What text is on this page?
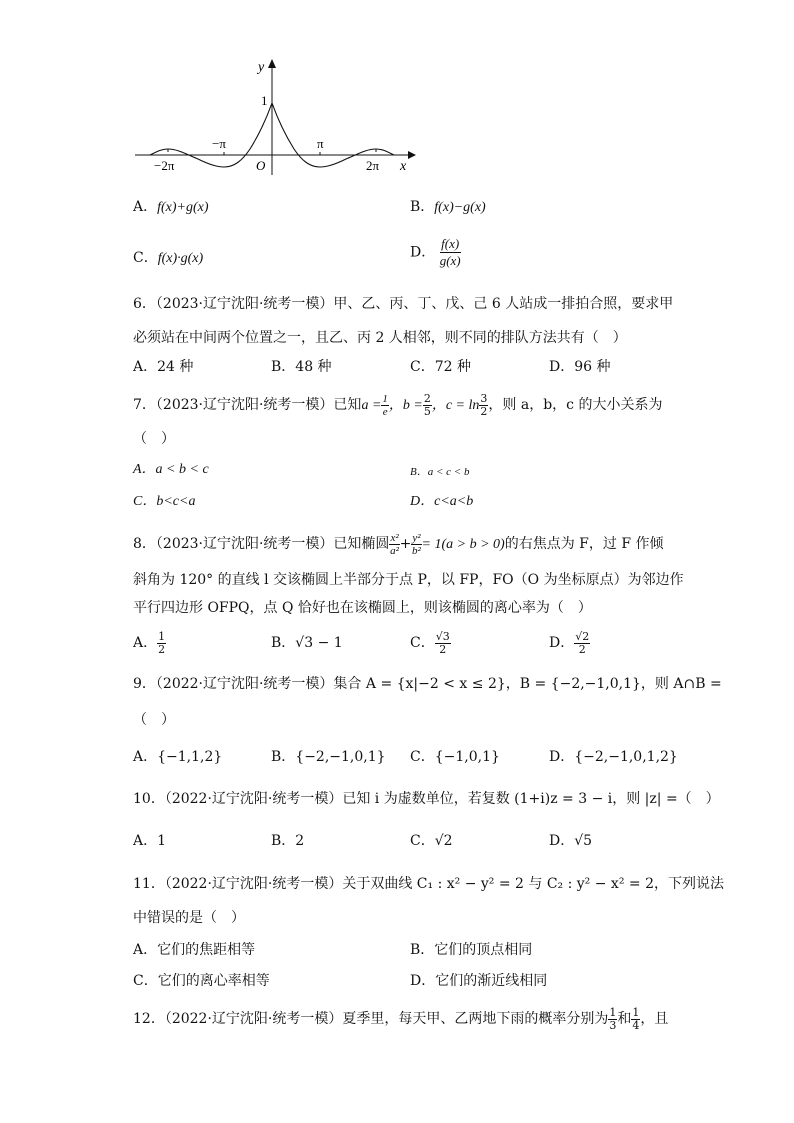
y
x
O
1
−π	π
−2π	2π
A．f(x)+g(x)	B．f(x)−g(x)
C．f(x)·g(x)	D． $\frac{f(x)}{g(x)}$
6．（2023·辽宁沈阳·统考一模）甲、乙、丙、丁、戊、己 6 人站成一排拍合照，要求甲
必须站在中间两个位置之一，且乙、丙 2 人相邻，则不同的排队方法共有（　）
A．24 种	B．48 种	C．72 种	D．96 种
7．（2023·辽宁沈阳·统考一模）已知$a = \frac{1}{e}$ ，$b = \frac{2}{5}$ ，$c = \ln \frac{3}{2}$ ，则 a，b，c 的大小关系为
（　）
A．a < b < c	B．a < c < b
C．b<c<a	D．c<a<b
8．（2023·辽宁沈阳·统考一模）已知椭圆 $\frac{\text{x²}}{\text{a²}} + \frac{\text{y²}}{\text{b²}} = 1(a > b > 0)$的右焦点为 F，过 F 作倾
斜角为 120° 的直线 l 交该椭圆上半部分于点 P，以 FP，FO（O 为坐标原点）为邻边作
平行四边形 OFPQ，点 Q 恰好也在该椭圆上，则该椭圆的离心率为（　）
A． $\frac{1}{2}$	B．√3 − 1	C． $\frac{√3}{2}$	D． $\frac{√2}{2}$
9．（2022·辽宁沈阳·统考一模）集合 A = {x|−2 < x ≤ 2}，B = {−2,−1,0,1}，则 A∩B =
（　）
A．{−1,1,2}	B．{−2,−1,0,1} C．{−1,0,1}	D．{−2,−1,0,1,2}
10．（2022·辽宁沈阳·统考一模）已知 i 为虚数单位，若复数 (1+i)z = 3 − i，则 |z| =（　）
A．1	B．2	C．√2	D．√5
11．（2022·辽宁沈阳·统考一模）关于双曲线 C₁ : x² − y² = 2 与 C₂ : y² − x² = 2，下列说法
中错误的是（　）
A．它们的焦距相等	B．它们的顶点相同
C．它们的离心率相等	D．它们的渐近线相同
12．（2022·辽宁沈阳·统考一模）夏季里，每天甲、乙两地下雨的概率分别为 $\frac{1}{3}$ 和 $\frac{1}{4}$ ，且
